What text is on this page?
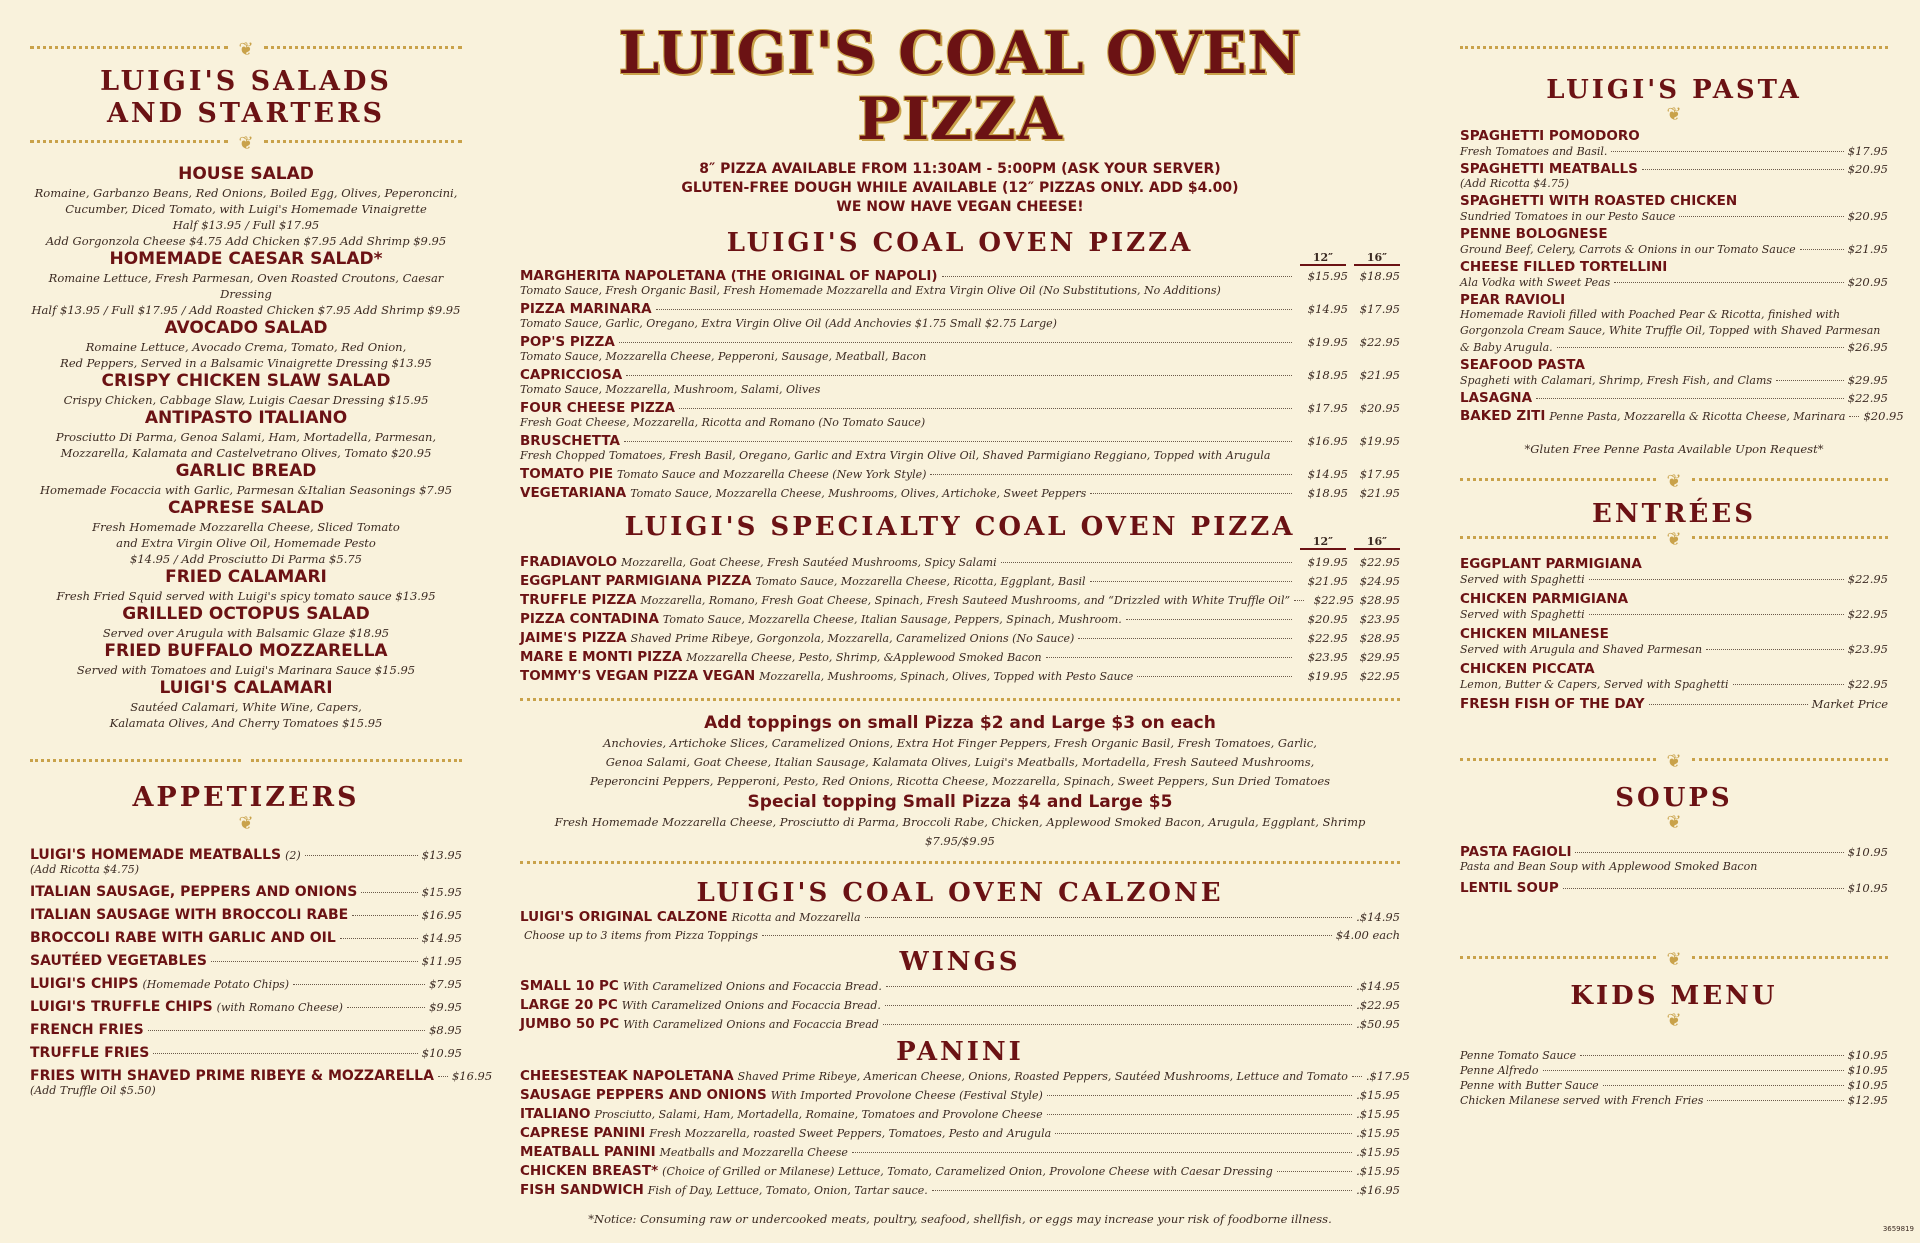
❦
LUIGI'S SALADS
AND STARTERS
❦
HOUSE SALAD
Romaine, Garbanzo Beans, Red Onions, Boiled Egg, Olives, Peperoncini,
Cucumber, Diced Tomato, with Luigi's Homemade Vinaigrette
Half $13.95 / Full $17.95
Add Gorgonzola Cheese $4.75 Add Chicken $7.95 Add Shrimp $9.95
HOMEMADE CAESAR SALAD*
Romaine Lettuce, Fresh Parmesan, Oven Roasted Croutons, Caesar Dressing
Half $13.95 / Full $17.95 / Add Roasted Chicken $7.95 Add Shrimp $9.95
AVOCADO SALAD
Romaine Lettuce, Avocado Crema, Tomato, Red Onion,
Red Peppers, Served in a Balsamic Vinaigrette Dressing $13.95
CRISPY CHICKEN SLAW SALAD
Crispy Chicken, Cabbage Slaw, Luigis Caesar Dressing $15.95
ANTIPASTO ITALIANO
Prosciutto Di Parma, Genoa Salami, Ham, Mortadella, Parmesan,
Mozzarella, Kalamata and Castelvetrano Olives, Tomato $20.95
GARLIC BREAD
Homemade Focaccia with Garlic, Parmesan &Italian Seasonings $7.95
CAPRESE SALAD
Fresh Homemade Mozzarella Cheese, Sliced Tomato
and Extra Virgin Olive Oil, Homemade Pesto
$14.95 / Add Prosciutto Di Parma $5.75
FRIED CALAMARI
Fresh Fried Squid served with Luigi's spicy tomato sauce $13.95
GRILLED OCTOPUS SALAD
Served over Arugula with Balsamic Glaze $18.95
FRIED BUFFALO MOZZARELLA
Served with Tomatoes and Luigi's Marinara Sauce $15.95
LUIGI'S CALAMARI
Sautéed Calamari, White Wine, Capers,
Kalamata Olives, And Cherry Tomatoes $15.95
APPETIZERS
❦
LUIGI'S HOMEMADE MEATBALLS (2)	$13.95
(Add Ricotta $4.75)
ITALIAN SAUSAGE, PEPPERS AND ONIONS	$15.95
ITALIAN SAUSAGE WITH BROCCOLI RABE	$16.95
BROCCOLI RABE WITH GARLIC AND OIL	$14.95
SAUTÉED VEGETABLES	$11.95
LUIGI'S CHIPS (Homemade Potato Chips)	$7.95
LUIGI'S TRUFFLE CHIPS (with Romano Cheese)	$9.95
FRENCH FRIES	$8.95
TRUFFLE FRIES	$10.95
FRIES WITH SHAVED PRIME RIBEYE & MOZZARELLA $16.95
(Add Truffle Oil $5.50)
LUIGI'S COAL OVEN PIZZA
8″ PIZZA AVAILABLE FROM 11:30AM - 5:00PM (ASK YOUR SERVER)
GLUTEN-FREE DOUGH WHILE AVAILABLE (12″ PIZZAS ONLY. ADD $4.00)
WE NOW HAVE VEGAN CHEESE!
LUIGI'S COAL OVEN PIZZA	12″	16″
MARGHERITA NAPOLETANA (THE ORIGINAL OF NAPOLI)	$15.95	$18.95
Tomato Sauce, Fresh Organic Basil, Fresh Homemade Mozzarella and Extra Virgin Olive Oil (No Substitutions, No Additions)
PIZZA MARINARA	$14.95	$17.95
Tomato Sauce, Garlic, Oregano, Extra Virgin Olive Oil (Add Anchovies $1.75 Small $2.75 Large)
POP'S PIZZA	$19.95	$22.95
Tomato Sauce, Mozzarella Cheese, Pepperoni, Sausage, Meatball, Bacon
CAPRICCIOSA	$18.95	$21.95
Tomato Sauce, Mozzarella, Mushroom, Salami, Olives
FOUR CHEESE PIZZA	$17.95	$20.95
Fresh Goat Cheese, Mozzarella, Ricotta and Romano (No Tomato Sauce)
BRUSCHETTA	$16.95	$19.95
Fresh Chopped Tomatoes, Fresh Basil, Oregano, Garlic and Extra Virgin Olive Oil, Shaved Parmigiano Reggiano, Topped with Arugula
TOMATO PIE Tomato Sauce and Mozzarella Cheese (New York Style)	$14.95	$17.95
VEGETARIANA Tomato Sauce, Mozzarella Cheese, Mushrooms, Olives, Artichoke, Sweet Peppers	$18.95	$21.95
LUIGI'S SPECIALTY COAL OVEN PIZZA	12″	16″
FRADIAVOLO Mozzarella, Goat Cheese, Fresh Sautéed Mushrooms, Spicy Salami	$19.95	$22.95
EGGPLANT PARMIGIANA PIZZA Tomato Sauce, Mozzarella Cheese, Ricotta, Eggplant, Basil	$21.95	$24.95
TRUFFLE PIZZA Mozzarella, Romano, Fresh Goat Cheese, Spinach, Fresh Sauteed Mushrooms, and “Drizzled with White Truffle Oil”	$22.95 $28.95
PIZZA CONTADINA Tomato Sauce, Mozzarella Cheese, Italian Sausage, Peppers, Spinach, Mushroom.	$20.95	$23.95
JAIME'S PIZZA Shaved Prime Ribeye, Gorgonzola, Mozzarella, Caramelized Onions (No Sauce)	$22.95	$28.95
MARE E MONTI PIZZA Mozzarella Cheese, Pesto, Shrimp, &Applewood Smoked Bacon	$23.95	$29.95
TOMMY'S VEGAN PIZZA VEGAN Mozzarella, Mushrooms, Spinach, Olives, Topped with Pesto Sauce	$19.95	$22.95
Add toppings on small Pizza $2 and Large $3 on each
Anchovies, Artichoke Slices, Caramelized Onions, Extra Hot Finger Peppers, Fresh Organic Basil, Fresh Tomatoes, Garlic,
Genoa Salami, Goat Cheese, Italian Sausage, Kalamata Olives, Luigi's Meatballs, Mortadella, Fresh Sauteed Mushrooms,
Peperoncini Peppers, Pepperoni, Pesto, Red Onions, Ricotta Cheese, Mozzarella, Spinach, Sweet Peppers, Sun Dried Tomatoes
Special topping Small Pizza $4 and Large $5
Fresh Homemade Mozzarella Cheese, Prosciutto di Parma, Broccoli Rabe, Chicken, Applewood Smoked Bacon, Arugula, Eggplant, Shrimp $7.95/$9.95
LUIGI'S COAL OVEN CALZONE
LUIGI'S ORIGINAL CALZONE Ricotta and Mozzarella	.$14.95
Choose up to 3 items from Pizza Toppings	$4.00 each
WINGS
SMALL 10 PC With Caramelized Onions and Focaccia Bread.	.$14.95
LARGE 20 PC With Caramelized Onions and Focaccia Bread.	.$22.95
JUMBO 50 PC With Caramelized Onions and Focaccia Bread	.$50.95
PANINI
CHEESESTEAK NAPOLETANA Shaved Prime Ribeye, American Cheese, Onions, Roasted Peppers, Sautéed Mushrooms, Lettuce and Tomato .$17.95
SAUSAGE PEPPERS AND ONIONS With Imported Provolone Cheese (Festival Style)	.$15.95
ITALIANO Prosciutto, Salami, Ham, Mortadella, Romaine, Tomatoes and Provolone Cheese	.$15.95
CAPRESE PANINI Fresh Mozzarella, roasted Sweet Peppers, Tomatoes, Pesto and Arugula	.$15.95
MEATBALL PANINI Meatballs and Mozzarella Cheese	.$15.95
CHICKEN BREAST* (Choice of Grilled or Milanese) Lettuce, Tomato, Caramelized Onion, Provolone Cheese with Caesar Dressing	.$15.95
FISH SANDWICH Fish of Day, Lettuce, Tomato, Onion, Tartar sauce.	.$16.95
*Notice: Consuming raw or undercooked meats, poultry, seafood, shellfish, or eggs may increase your risk of foodborne illness.
LUIGI'S PASTA
❦
SPAGHETTI POMODORO
Fresh Tomatoes and Basil.	$17.95
SPAGHETTI MEATBALLS	$20.95
(Add Ricotta $4.75)
SPAGHETTI WITH ROASTED CHICKEN
Sundried Tomatoes in our Pesto Sauce	$20.95
PENNE BOLOGNESE
Ground Beef, Celery, Carrots & Onions in our Tomato Sauce	$21.95
CHEESE FILLED TORTELLINI
Ala Vodka with Sweet Peas	$20.95
PEAR RAVIOLI
Homemade Ravioli filled with Poached Pear & Ricotta, finished with
Gorgonzola Cream Sauce, White Truffle Oil, Topped with Shaved Parmesan
& Baby Arugula.	$26.95
SEAFOOD PASTA
Spagheti with Calamari, Shrimp, Fresh Fish, and Clams	$29.95
LASAGNA	$22.95
BAKED ZITI Penne Pasta, Mozzarella & Ricotta Cheese, Marinara $20.95
*Gluten Free Penne Pasta Available Upon Request*
❦
ENTRÉES
❦
EGGPLANT PARMIGIANA
Served with Spaghetti	$22.95
CHICKEN PARMIGIANA
Served with Spaghetti	$22.95
CHICKEN MILANESE
Served with Arugula and Shaved Parmesan	$23.95
CHICKEN PICCATA
Lemon, Butter & Capers, Served with Spaghetti	$22.95
FRESH FISH OF THE DAY	Market Price
❦
SOUPS
❦
PASTA FAGIOLI	$10.95
Pasta and Bean Soup with Applewood Smoked Bacon
LENTIL SOUP	$10.95
❦
KIDS MENU
❦
Penne Tomato Sauce	$10.95
Penne Alfredo	$10.95
Penne with Butter Sauce	$10.95
Chicken Milanese served with French Fries	$12.95
3659819
